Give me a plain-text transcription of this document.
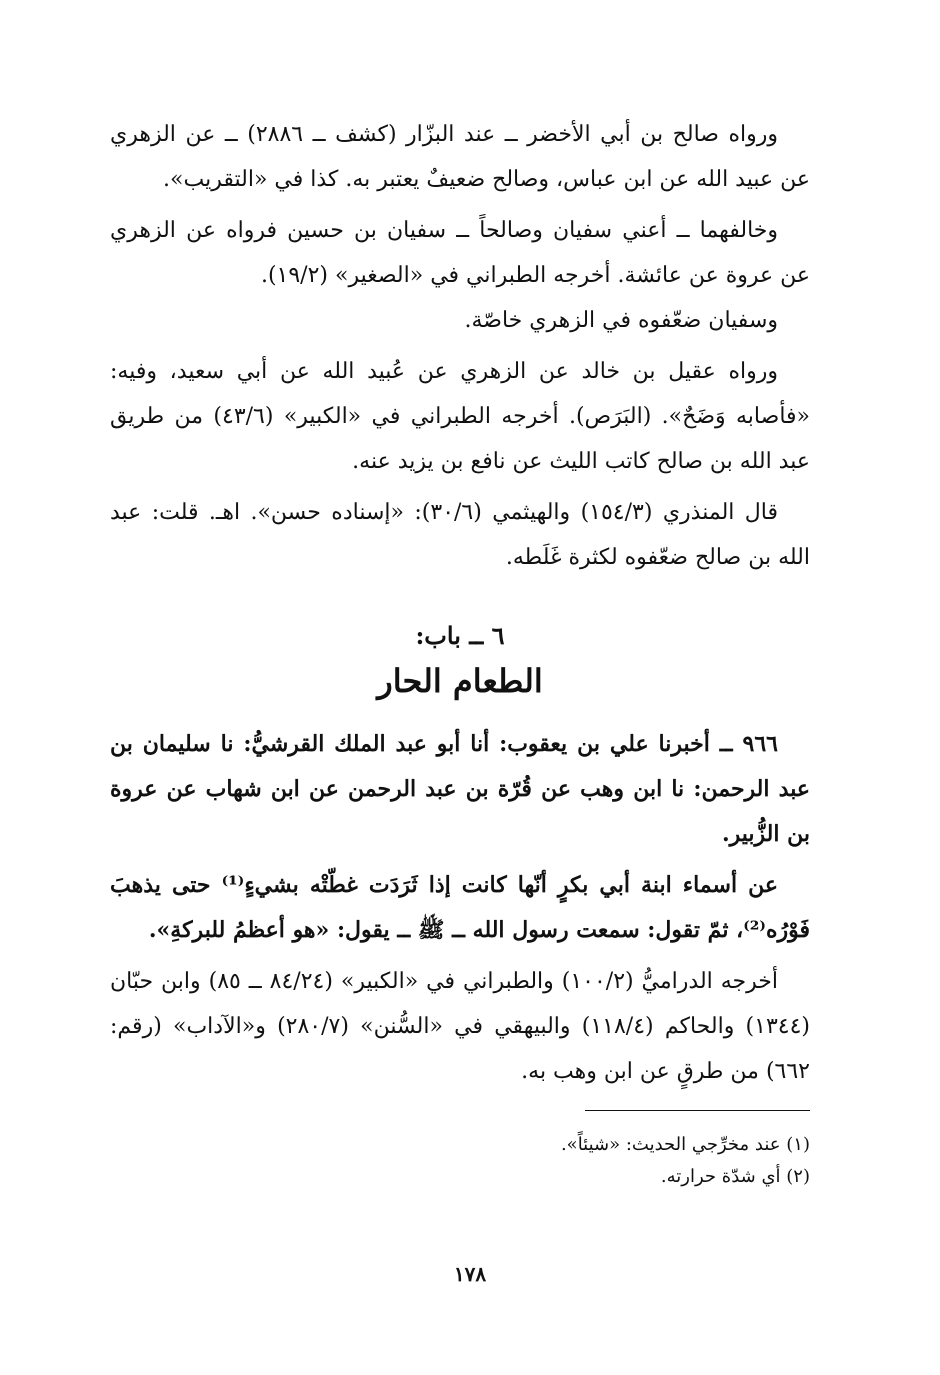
ورواه صالح بن أبي الأخضر ــ عند البزّار (كشف ــ ٢٨٨٦) ــ عن الزهري عن عبيد الله عن ابن عباس، وصالح ضعيفٌ يعتبر به. كذا في «التقريب».

وخالفهما ــ أعني سفيان وصالحاً ــ سفيان بن حسين فرواه عن الزهري عن عروة عن عائشة. أخرجه الطبراني في «الصغير» (١٩/٢).

وسفيان ضعّفوه في الزهري خاصّة.

ورواه عقيل بن خالد عن الزهري عن عُبيد الله عن أبي سعيد، وفيه: «فأصابه وَضَحٌ». (البَرَص). أخرجه الطبراني في «الكبير» (٤٣/٦) من طريق عبد الله بن صالح كاتب الليث عن نافع بن يزيد عنه.

قال المنذري (١٥٤/٣) والهيثمي (٣٠/٦): «إسناده حسن». اهـ. قلت: عبد الله بن صالح ضعّفوه لكثرة غَلَطه.

٦ ــ باب:
الطعام الحار

٩٦٦ ــ أخبرنا علي بن يعقوب: أنا أبو عبد الملك القرشيُّ: نا سليمان بن عبد الرحمن: نا ابن وهب عن قُرّة بن عبد الرحمن عن ابن شهاب عن عروة بن الزُّبير.

عن أسماء ابنة أبي بكرٍ أنّها كانت إذا ثَرَدَت غطّتْه بشيءٍ⁽¹⁾ حتى يذهبَ فَوْرُه⁽²⁾، ثمّ تقول: سمعت رسول الله ــ ﷺ ــ يقول: «هو أعظمُ للبركةِ».

أخرجه الدراميُّ (١٠٠/٢) والطبراني في «الكبير» (٨٤/٢٤ ــ ٨٥) وابن حبّان (١٣٤٤) والحاكم (١١٨/٤) والبيهقي في «السُّنن» (٢٨٠/٧) و«الآداب» (رقم: ٦٦٢) من طرقٍ عن ابن وهب به.

(١) عند مخرِّجي الحديث: «شيئاً».

(٢) أي شدّة حرارته.

١٧٨
